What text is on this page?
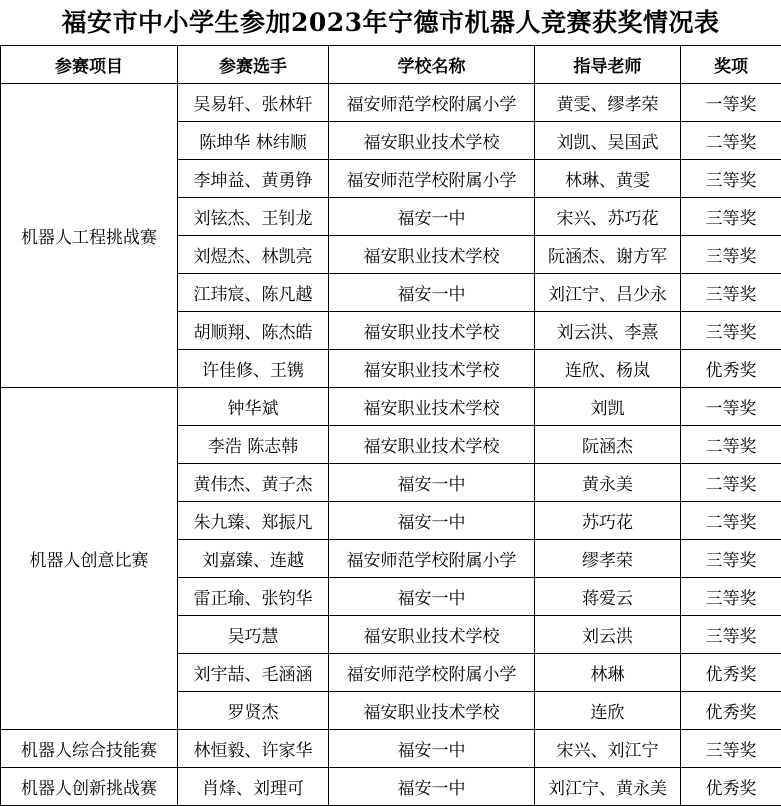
福安市中小学生参加2023年宁德市机器人竞赛获奖情况表
参赛项目	参赛选手	学校名称	指导老师	奖项
机器人工程挑战赛	吴易轩、张林轩	福安师范学校附属小学	黄雯、缪孝荣	一等奖
	陈坤华 林纬顺	福安职业技术学校	刘凯、吴国武	二等奖
	李坤益、黄勇铮	福安师范学校附属小学	林琳、黄雯	三等奖
	刘铉杰、王钊龙	福安一中	宋兴、苏巧花	三等奖
	刘煜杰、林凯亮	福安职业技术学校	阮涵杰、谢方军	三等奖
	江玮宸、陈凡越	福安一中	刘江宁、吕少永	三等奖
	胡顺翔、陈杰皓	福安职业技术学校	刘云洪、李熹	三等奖
	许佳修、王镌	福安职业技术学校	连欣、杨岚	优秀奖
机器人创意比赛	钟华斌	福安职业技术学校	刘凯	一等奖
	李浩 陈志韩	福安职业技术学校	阮涵杰	二等奖
	黄伟杰、黄子杰	福安一中	黄永美	二等奖
	朱九臻、郑振凡	福安一中	苏巧花	二等奖
	刘嘉臻、连越	福安师范学校附属小学	缪孝荣	三等奖
	雷正瑜、张钧华	福安一中	蒋爱云	三等奖
	吴巧慧	福安职业技术学校	刘云洪	三等奖
	刘宇喆、毛涵涵	福安师范学校附属小学	林琳	优秀奖
	罗贤杰	福安职业技术学校	连欣	优秀奖
机器人综合技能赛	林恒毅、许家华	福安一中	宋兴、刘江宁	三等奖
机器人创新挑战赛	肖烽、刘理可	福安一中	刘江宁、黄永美	优秀奖
